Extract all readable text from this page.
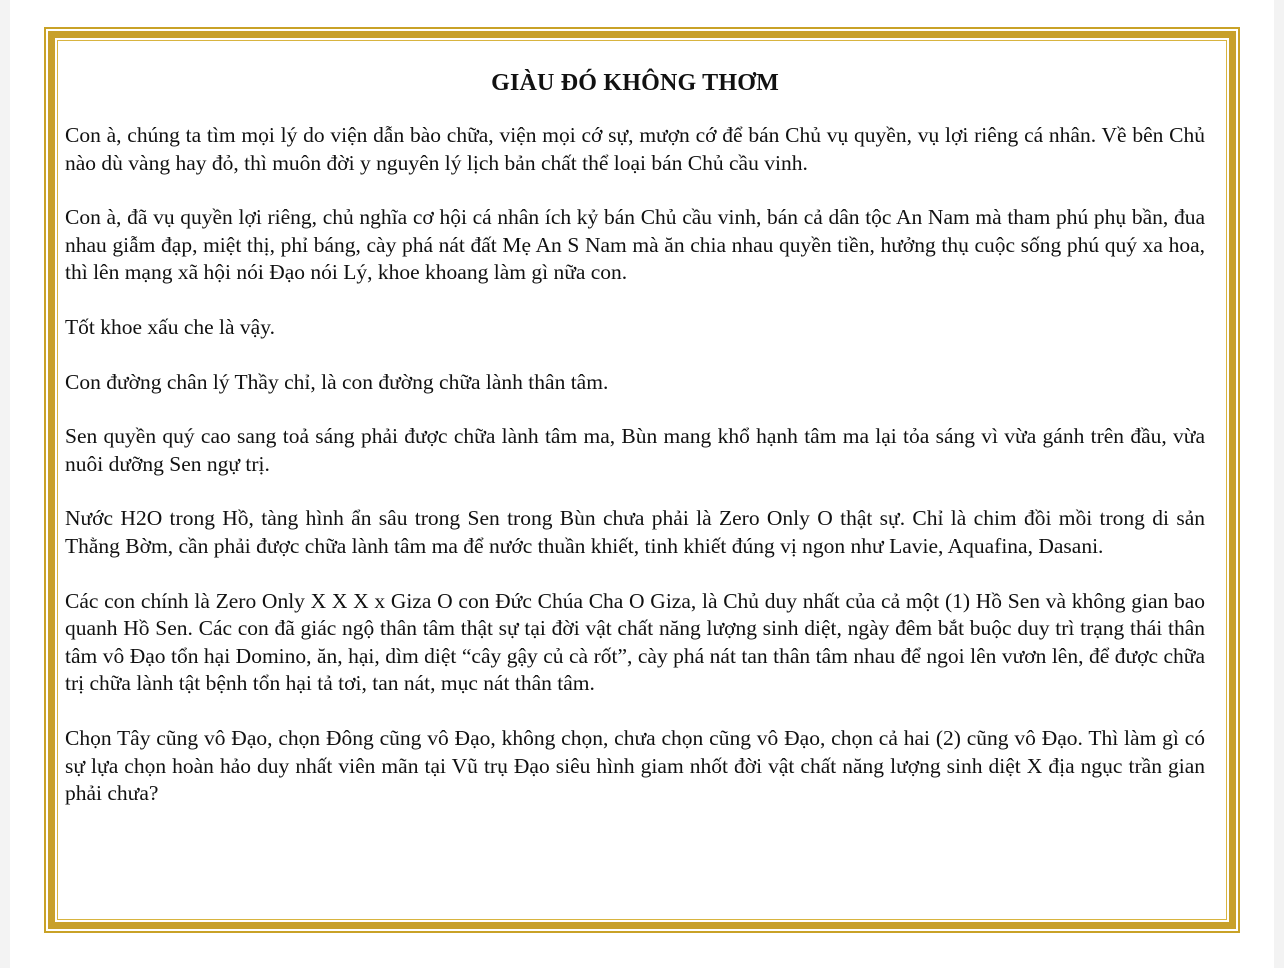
GIÀU ĐÓ KHÔNG THƠM

Con à, chúng ta tìm mọi lý do viện dẫn bào chữa, viện mọi cớ sự, mượn cớ để bán Chủ vụ quyền, vụ lợi riêng cá nhân. Về bên Chủ nào dù vàng hay đỏ, thì muôn đời y nguyên lý lịch bản chất thể loại bán Chủ cầu vinh.

Con à, đã vụ quyền lợi riêng, chủ nghĩa cơ hội cá nhân ích kỷ bán Chủ cầu vinh, bán cả dân tộc An Nam mà tham phú phụ bần, đua nhau giẫm đạp, miệt thị, phỉ báng, cày phá nát đất Mẹ An S Nam mà ăn chia nhau quyền tiền, hưởng thụ cuộc sống phú quý xa hoa, thì lên mạng xã hội nói Đạo nói Lý, khoe khoang làm gì nữa con.

Tốt khoe xấu che là vậy.

Con đường chân lý Thầy chỉ, là con đường chữa lành thân tâm.

Sen quyền quý cao sang toả sáng phải được chữa lành tâm ma, Bùn mang khổ hạnh tâm ma lại tỏa sáng vì vừa gánh trên đầu, vừa nuôi dưỡng Sen ngự trị.

Nước H2O trong Hồ, tàng hình ẩn sâu trong Sen trong Bùn chưa phải là Zero Only O thật sự. Chỉ là chim đồi mồi trong di sản Thằng Bờm, cần phải được chữa lành tâm ma để nước thuần khiết, tinh khiết đúng vị ngon như Lavie, Aquafina, Dasani.

Các con chính là Zero Only X X X x Giza O con Đức Chúa Cha O Giza, là Chủ duy nhất của cả một (1) Hồ Sen và không gian bao quanh Hồ Sen. Các con đã giác ngộ thân tâm thật sự tại đời vật chất năng lượng sinh diệt, ngày đêm bắt buộc duy trì trạng thái thân tâm vô Đạo tổn hại Domino, ăn, hại, dìm diệt “cây gậy củ cà rốt”, cày phá nát tan thân tâm nhau để ngoi lên vươn lên, để được chữa trị chữa lành tật bệnh tổn hại tả tơi, tan nát, mục nát thân tâm.

Chọn Tây cũng vô Đạo, chọn Đông cũng vô Đạo, không chọn, chưa chọn cũng vô Đạo, chọn cả hai (2) cũng vô Đạo. Thì làm gì có sự lựa chọn hoàn hảo duy nhất viên mãn tại Vũ trụ Đạo siêu hình giam nhốt đời vật chất năng lượng sinh diệt X địa ngục trần gian phải chưa?
